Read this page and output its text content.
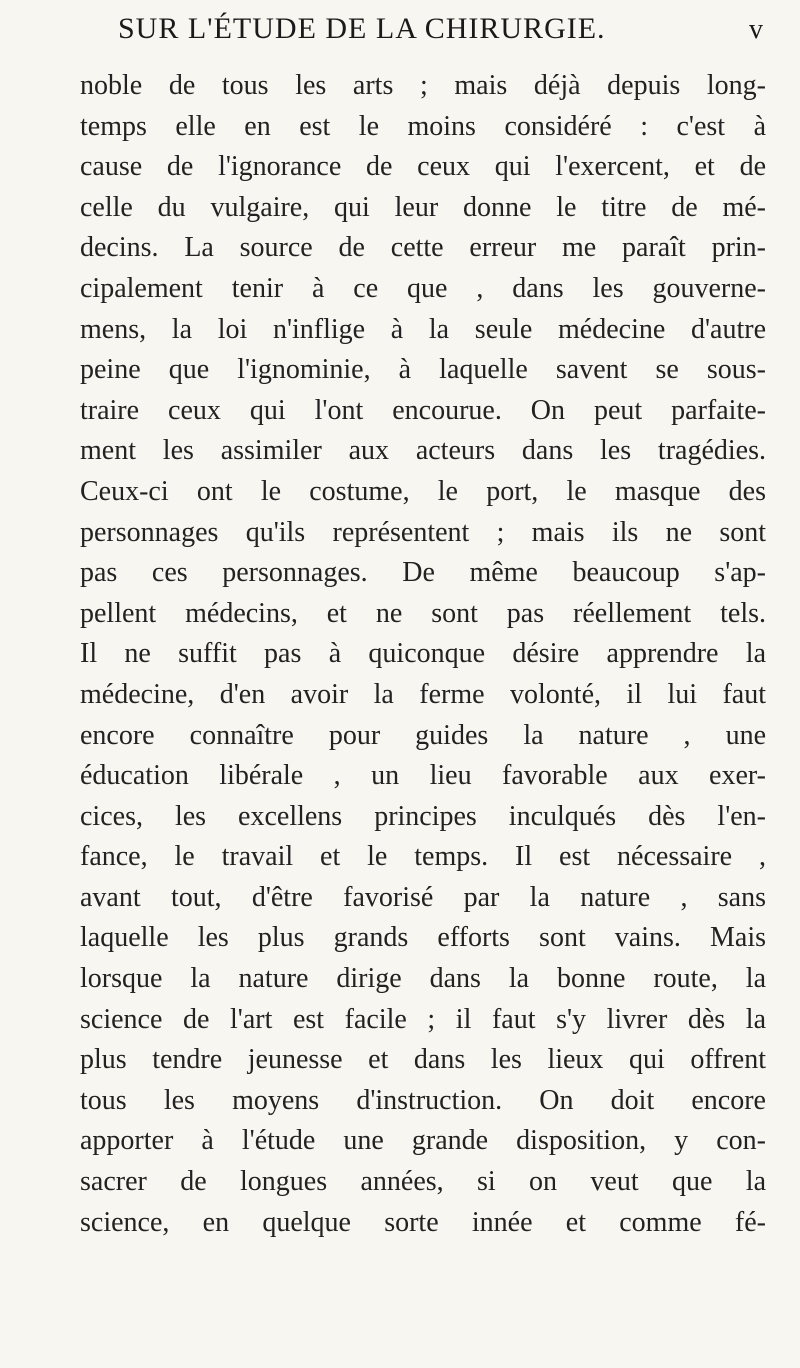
SUR L'ÉTUDE DE LA CHIRURGIE.	v
noble de tous les arts ; mais déjà depuis long-
temps elle en est le moins considéré : c'est à
cause de l'ignorance de ceux qui l'exercent, et de
celle du vulgaire, qui leur donne le titre de mé-
decins. La source de cette erreur me paraît prin-
cipalement tenir à ce que , dans les gouverne-
mens, la loi n'inflige à la seule médecine d'autre
peine que l'ignominie, à laquelle savent se sous-
traire ceux qui l'ont encourue. On peut parfaite-
ment les assimiler aux acteurs dans les tragédies.
Ceux-ci ont le costume, le port, le masque des
personnages qu'ils représentent ; mais ils ne sont
pas ces personnages. De même beaucoup s'ap-
pellent médecins, et ne sont pas réellement tels.
Il ne suffit pas à quiconque désire apprendre la
médecine, d'en avoir la ferme volonté, il lui faut
encore connaître pour guides la nature , une
éducation libérale , un lieu favorable aux exer-
cices, les excellens principes inculqués dès l'en-
fance, le travail et le temps. Il est nécessaire ,
avant tout, d'être favorisé par la nature , sans
laquelle les plus grands efforts sont vains. Mais
lorsque la nature dirige dans la bonne route, la
science de l'art est facile ; il faut s'y livrer dès la
plus tendre jeunesse et dans les lieux qui offrent
tous les moyens d'instruction. On doit encore
apporter à l'étude une grande disposition, y con-
sacrer de longues années, si on veut que la
science, en quelque sorte innée et comme fé-
